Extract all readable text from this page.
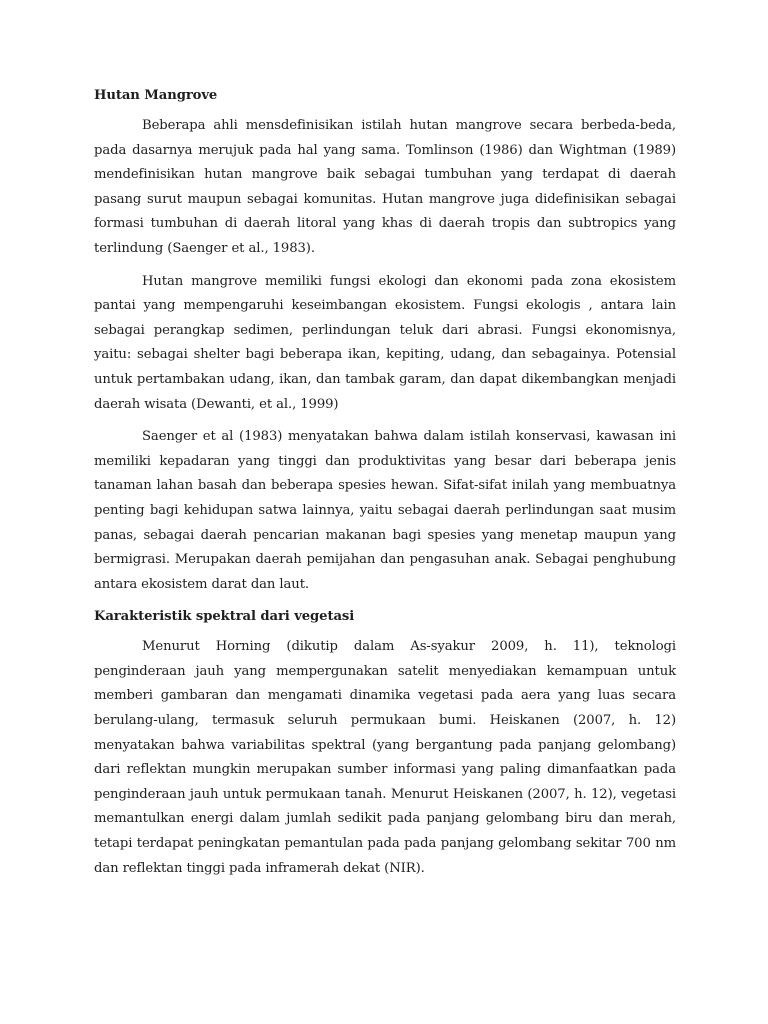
Hutan Mangrove

Beberapa ahli mensdefinisikan istilah hutan mangrove secara berbeda-beda, pada dasarnya merujuk pada hal yang sama. Tomlinson (1986) dan Wightman (1989) mendefinisikan hutan mangrove baik sebagai tumbuhan yang terdapat di daerah pasang surut maupun sebagai komunitas. Hutan mangrove juga didefinisikan sebagai formasi tumbuhan di daerah litoral yang khas di daerah tropis dan subtropics yang terlindung (Saenger et al., 1983).

Hutan mangrove memiliki fungsi ekologi dan ekonomi pada zona ekosistem pantai yang mempengaruhi keseimbangan ekosistem. Fungsi ekologis , antara lain sebagai perangkap sedimen, perlindungan teluk dari abrasi. Fungsi ekonomisnya, yaitu: sebagai shelter bagi beberapa ikan, kepiting, udang, dan sebagainya. Potensial untuk pertambakan udang, ikan, dan tambak garam, dan dapat dikembangkan menjadi daerah wisata (Dewanti, et al., 1999)

Saenger et al (1983) menyatakan bahwa dalam istilah konservasi, kawasan ini memiliki kepadaran yang tinggi dan produktivitas yang besar dari beberapa jenis tanaman lahan basah dan beberapa spesies hewan. Sifat-sifat inilah yang membuatnya penting bagi kehidupan satwa lainnya, yaitu sebagai daerah perlindungan saat musim panas, sebagai daerah pencarian makanan bagi spesies yang menetap maupun yang bermigrasi. Merupakan daerah pemijahan dan pengasuhan anak. Sebagai penghubung antara ekosistem darat dan laut.

Karakteristik spektral dari vegetasi

Menurut Horning (dikutip dalam As-syakur 2009, h. 11), teknologi penginderaan jauh yang mempergunakan satelit menyediakan kemampuan untuk memberi gambaran dan mengamati dinamika vegetasi pada aera yang luas secara berulang-ulang, termasuk seluruh permukaan bumi. Heiskanen (2007, h. 12) menyatakan bahwa variabilitas spektral (yang bergantung pada panjang gelombang) dari reflektan mungkin merupakan sumber informasi yang paling dimanfaatkan pada penginderaan jauh untuk permukaan tanah. Menurut Heiskanen (2007, h. 12), vegetasi memantulkan energi dalam jumlah sedikit pada panjang gelombang biru dan merah, tetapi terdapat peningkatan pemantulan pada pada panjang gelombang sekitar 700 nm dan reflektan tinggi pada inframerah dekat (NIR).
